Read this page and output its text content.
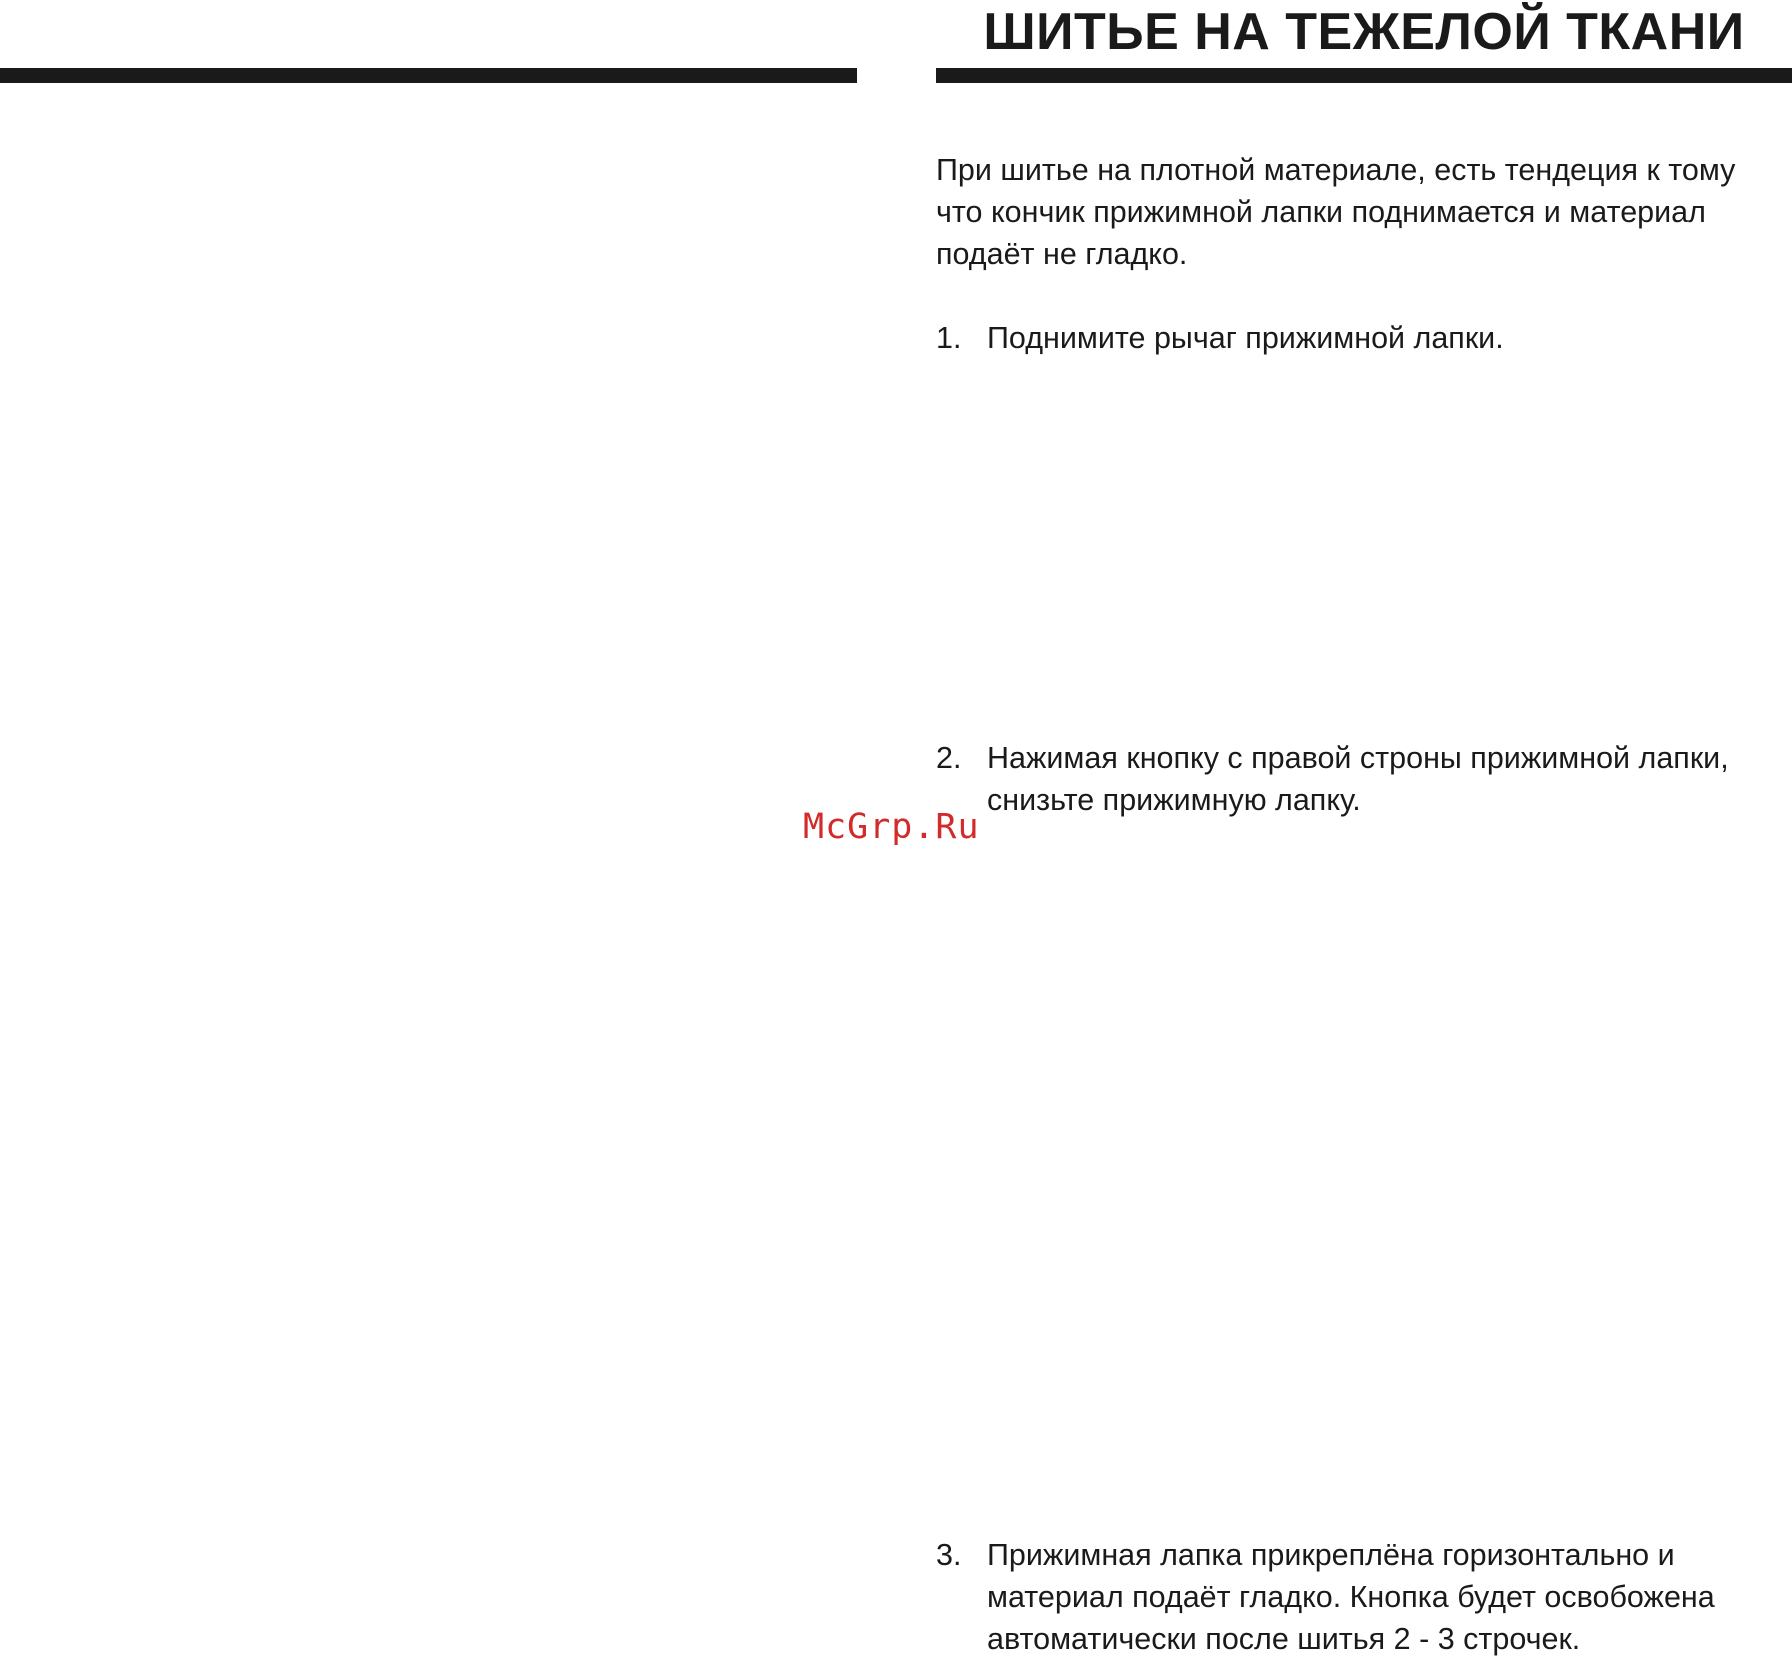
ШИТЬЕ НА ТЕЖЕЛОЙ ТКАНИ
При шитье на плотной материале, есть тендеция к тому
что кончик прижимной лапки поднимается и материал
подаёт не гладко.
1. Поднимите рычаг прижимной лапки.
2. Нажимая кнопку с правой строны прижимной лапки,
снизьте прижимную лапку.
3. Прижимная лапка прикреплёна горизонтально и
материал подаёт гладко. Кнопка будет освобожена
автоматически после шитья 2 - 3 строчек.
McGrp.Ru
